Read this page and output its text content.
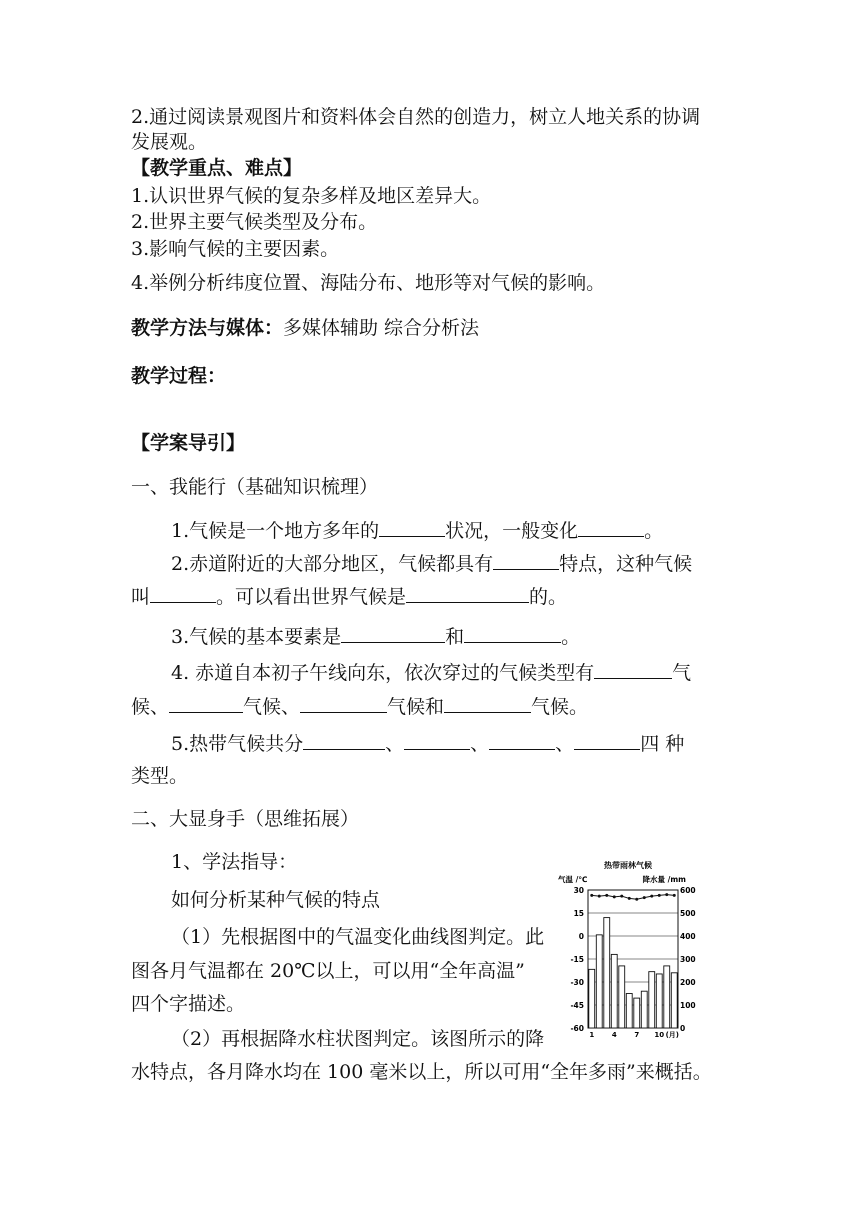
2.通过阅读景观图片和资料体会自然的创造力，树立人地关系的协调
发展观。
【教学重点、难点】
1.认识世界气候的复杂多样及地区差异大。
2.世界主要气候类型及分布。
3.影响气候的主要因素。
4.举例分析纬度位置、海陆分布、地形等对气候的影响。
教学方法与媒体：多媒体辅助 综合分析法
教学过程：
【学案导引】
一、我能行（基础知识梳理）
1.气候是一个地方多年的	状况，一般变化	。
2.赤道附近的大部分地区，气候都具有	特点，这种气候
叫	。可以看出世界气候是	的。
3.气候的基本要素是	和	。
4. 赤道自本初子午线向东，依次穿过的气候类型有	气
候、	气候、	气候和	气候。
5.热带气候共分	、	、	、	四 种
类型。
二、大显身手（思维拓展）
1、学法指导：
如何分析某种气候的特点
（1）先根据图中的气温变化曲线图判定。此
图各月气温都在 20℃以上，可以用“全年高温”
四个字描述。
（2）再根据降水柱状图判定。该图所示的降
水特点，各月降水均在 100 毫米以上，所以可用“全年多雨”来概括。
热带雨林气候
气温 /℃	降水量 /mm
30	600
15	500
0	400
-15	300
-30	200
-45	100
-60	0
1	4	7 10 (月)
